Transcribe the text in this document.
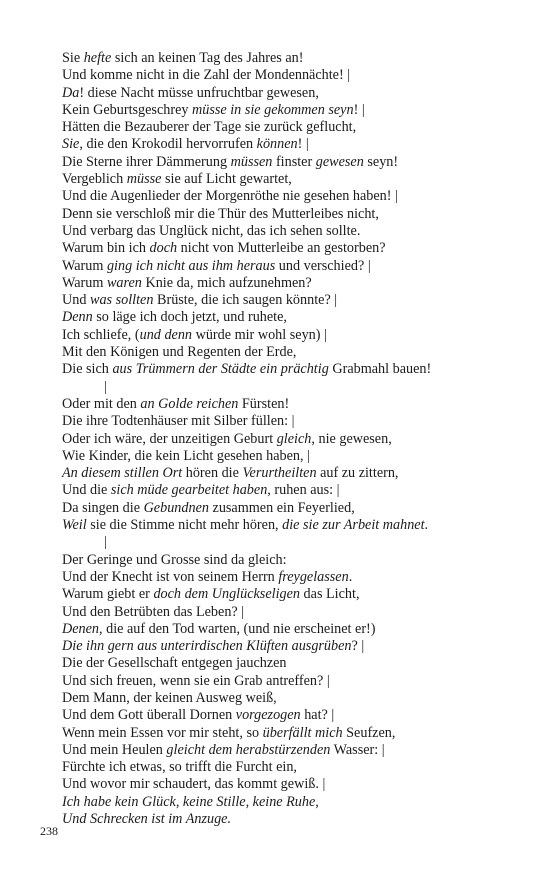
Sie hefte sich an keinen Tag des Jahres an!
Und komme nicht in die Zahl der Mondennächte! |
Da! diese Nacht müsse unfruchtbar gewesen,
Kein Geburtsgeschrey müsse in sie gekommen seyn! |
Hätten die Bezauberer der Tage sie zurück geflucht,
Sie, die den Krokodil hervorrufen können! |
Die Sterne ihrer Dämmerung müssen finster gewesen seyn!
Vergeblich müsse sie auf Licht gewartet,
Und die Augenlieder der Morgenröthe nie gesehen haben! |
Denn sie verschloß mir die Thür des Mutterleibes nicht,
Und verbarg das Unglück nicht, das ich sehen sollte.
Warum bin ich doch nicht von Mutterleibe an gestorben?
Warum ging ich nicht aus ihm heraus und verschied? |
Warum waren Knie da, mich aufzunehmen?
Und was sollten Brüste, die ich saugen könnte? |
Denn so läge ich doch jetzt, und ruhete,
Ich schliefe, (und denn würde mir wohl seyn) |
Mit den Königen und Regenten der Erde,
Die sich aus Trümmern der Städte ein prächtig Grabmahl bauen!
|
Oder mit den an Golde reichen Fürsten!
Die ihre Todtenhäuser mit Silber füllen: |
Oder ich wäre, der unzeitigen Geburt gleich, nie gewesen,
Wie Kinder, die kein Licht gesehen haben, |
An diesem stillen Ort hören die Verurtheilten auf zu zittern,
Und die sich müde gearbeitet haben, ruhen aus: |
Da singen die Gebundnen zusammen ein Feyerlied,
Weil sie die Stimme nicht mehr hören, die sie zur Arbeit mahnet.
|
Der Geringe und Grosse sind da gleich:
Und der Knecht ist von seinem Herrn freygelassen.
Warum giebt er doch dem Unglückseligen das Licht,
Und den Betrübten das Leben? |
Denen, die auf den Tod warten, (und nie erscheinet er!)
Die ihn gern aus unterirdischen Klüften ausgrüben? |
Die der Gesellschaft entgegen jauchzen
Und sich freuen, wenn sie ein Grab antreffen? |
Dem Mann, der keinen Ausweg weiß,
Und dem Gott überall Dornen vorgezogen hat? |
Wenn mein Essen vor mir steht, so überfällt mich Seufzen,
Und mein Heulen gleicht dem herabstürzenden Wasser: |
Fürchte ich etwas, so trifft die Furcht ein,
Und wovor mir schaudert, das kommt gewiß. |
Ich habe kein Glück, keine Stille, keine Ruhe,
Und Schrecken ist im Anzuge.
238
